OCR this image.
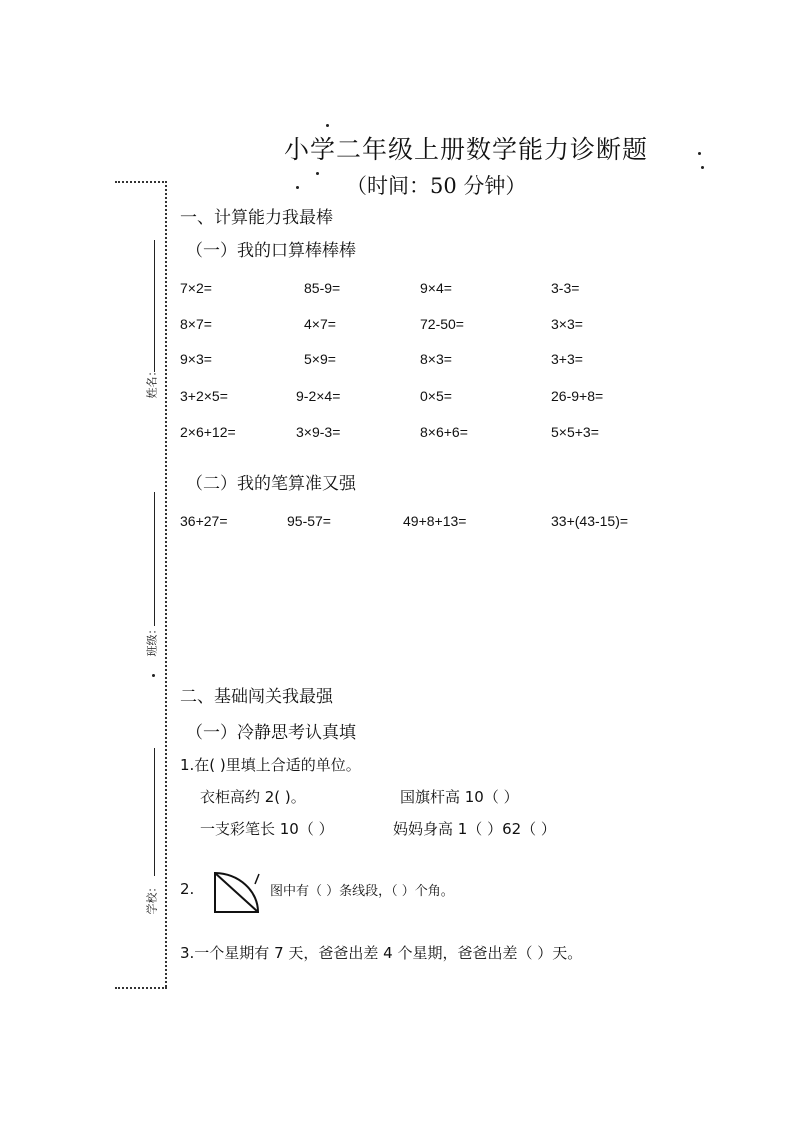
小学二年级上册数学能力诊断题
（时间：50 分钟）
姓名：
班级：
学校：
一、计算能力我最棒
（一）我的口算棒棒棒
7×2=	85-9=	9×4=	3-3=
8×7=	4×7=	72-50=	3×3=
9×3=	5×9=	8×3=	3+3=
3+2×5=	9-2×4=	0×5=	26-9+8=
2×6+12=	3×9-3=	8×6+6=	5×5+3=
（二）我的笔算准又强
36+27=	95-57=	49+8+13=	33+(43-15)=
二、基础闯关我最强
（一）冷静思考认真填
1.在( )里填上合适的单位。
衣柜高约 2( )。	国旗杆高 10（ ）
一支彩笔长 10（ ）	妈妈身高 1（ ）62（ ）
2.	图中有（ ）条线段，（ ）个角。
3.一个星期有 7 天，爸爸出差 4 个星期，爸爸出差（ ）天。
